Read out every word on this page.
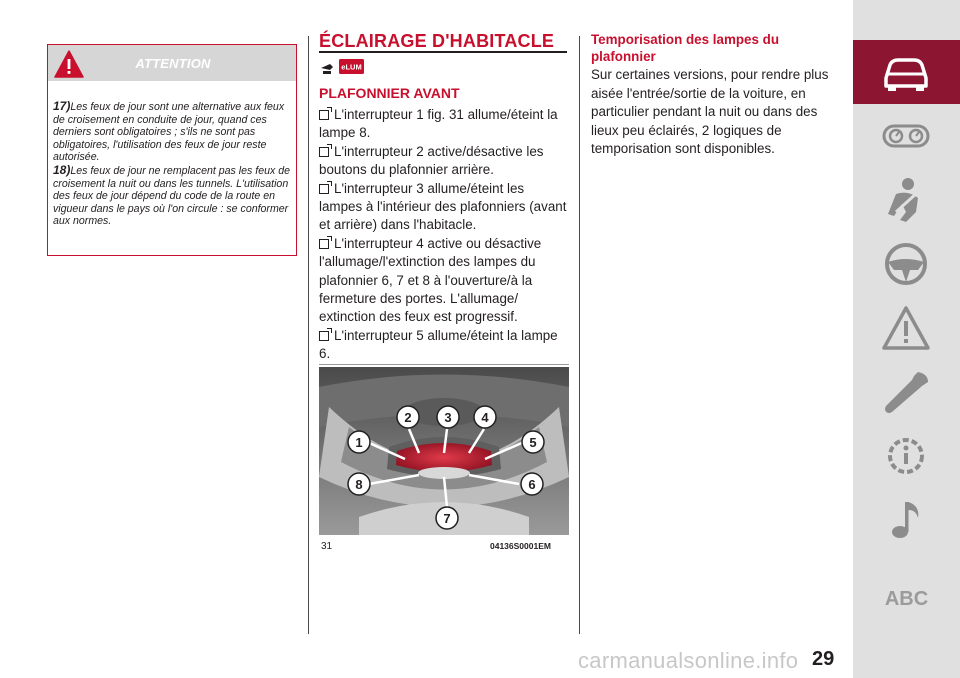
ATTENTION

17)Les feux de jour sont une alternative aux feux de croisement en conduite de jour, quand ces derniers sont obligatoires ; s'ils ne sont pas obligatoires, l'utilisation des feux de jour reste autorisée.

18)Les feux de jour ne remplacent pas les feux de croisement la nuit ou dans les tunnels. L'utilisation des feux de jour dépend du code de la route en vigueur dans le pays où l'on circule : se conformer aux normes.

ÉCLAIRAGE D'HABITACLE
eLUM
PLAFONNIER AVANT

L'interrupteur 1 fig. 31 allume/éteint la lampe 8.

L'interrupteur 2 active/désactive les boutons du plafonnier arrière.

L'interrupteur 3 allume/éteint les lampes à l'intérieur des plafonniers (avant et arrière) dans l'habitacle.

L'interrupteur 4 active ou désactive l'allumage/l'extinction des lampes du plafonnier 6, 7 et 8 à l'ouverture/à la fermeture des portes. L'allumage/ extinction des feux est progressif.

L'interrupteur 5 allume/éteint la lampe 6.

1
2	3 4
5
6
7
8
31	04136S0001EM
Temporisation des lampes du plafonnier
Sur certaines versions, pour rendre plus aisée l'entrée/sortie de la voiture, en particulier pendant la nuit ou dans des lieux peu éclairés, 2 logiques de temporisation sont disponibles.
ABC
carmanualsonline.info 29
